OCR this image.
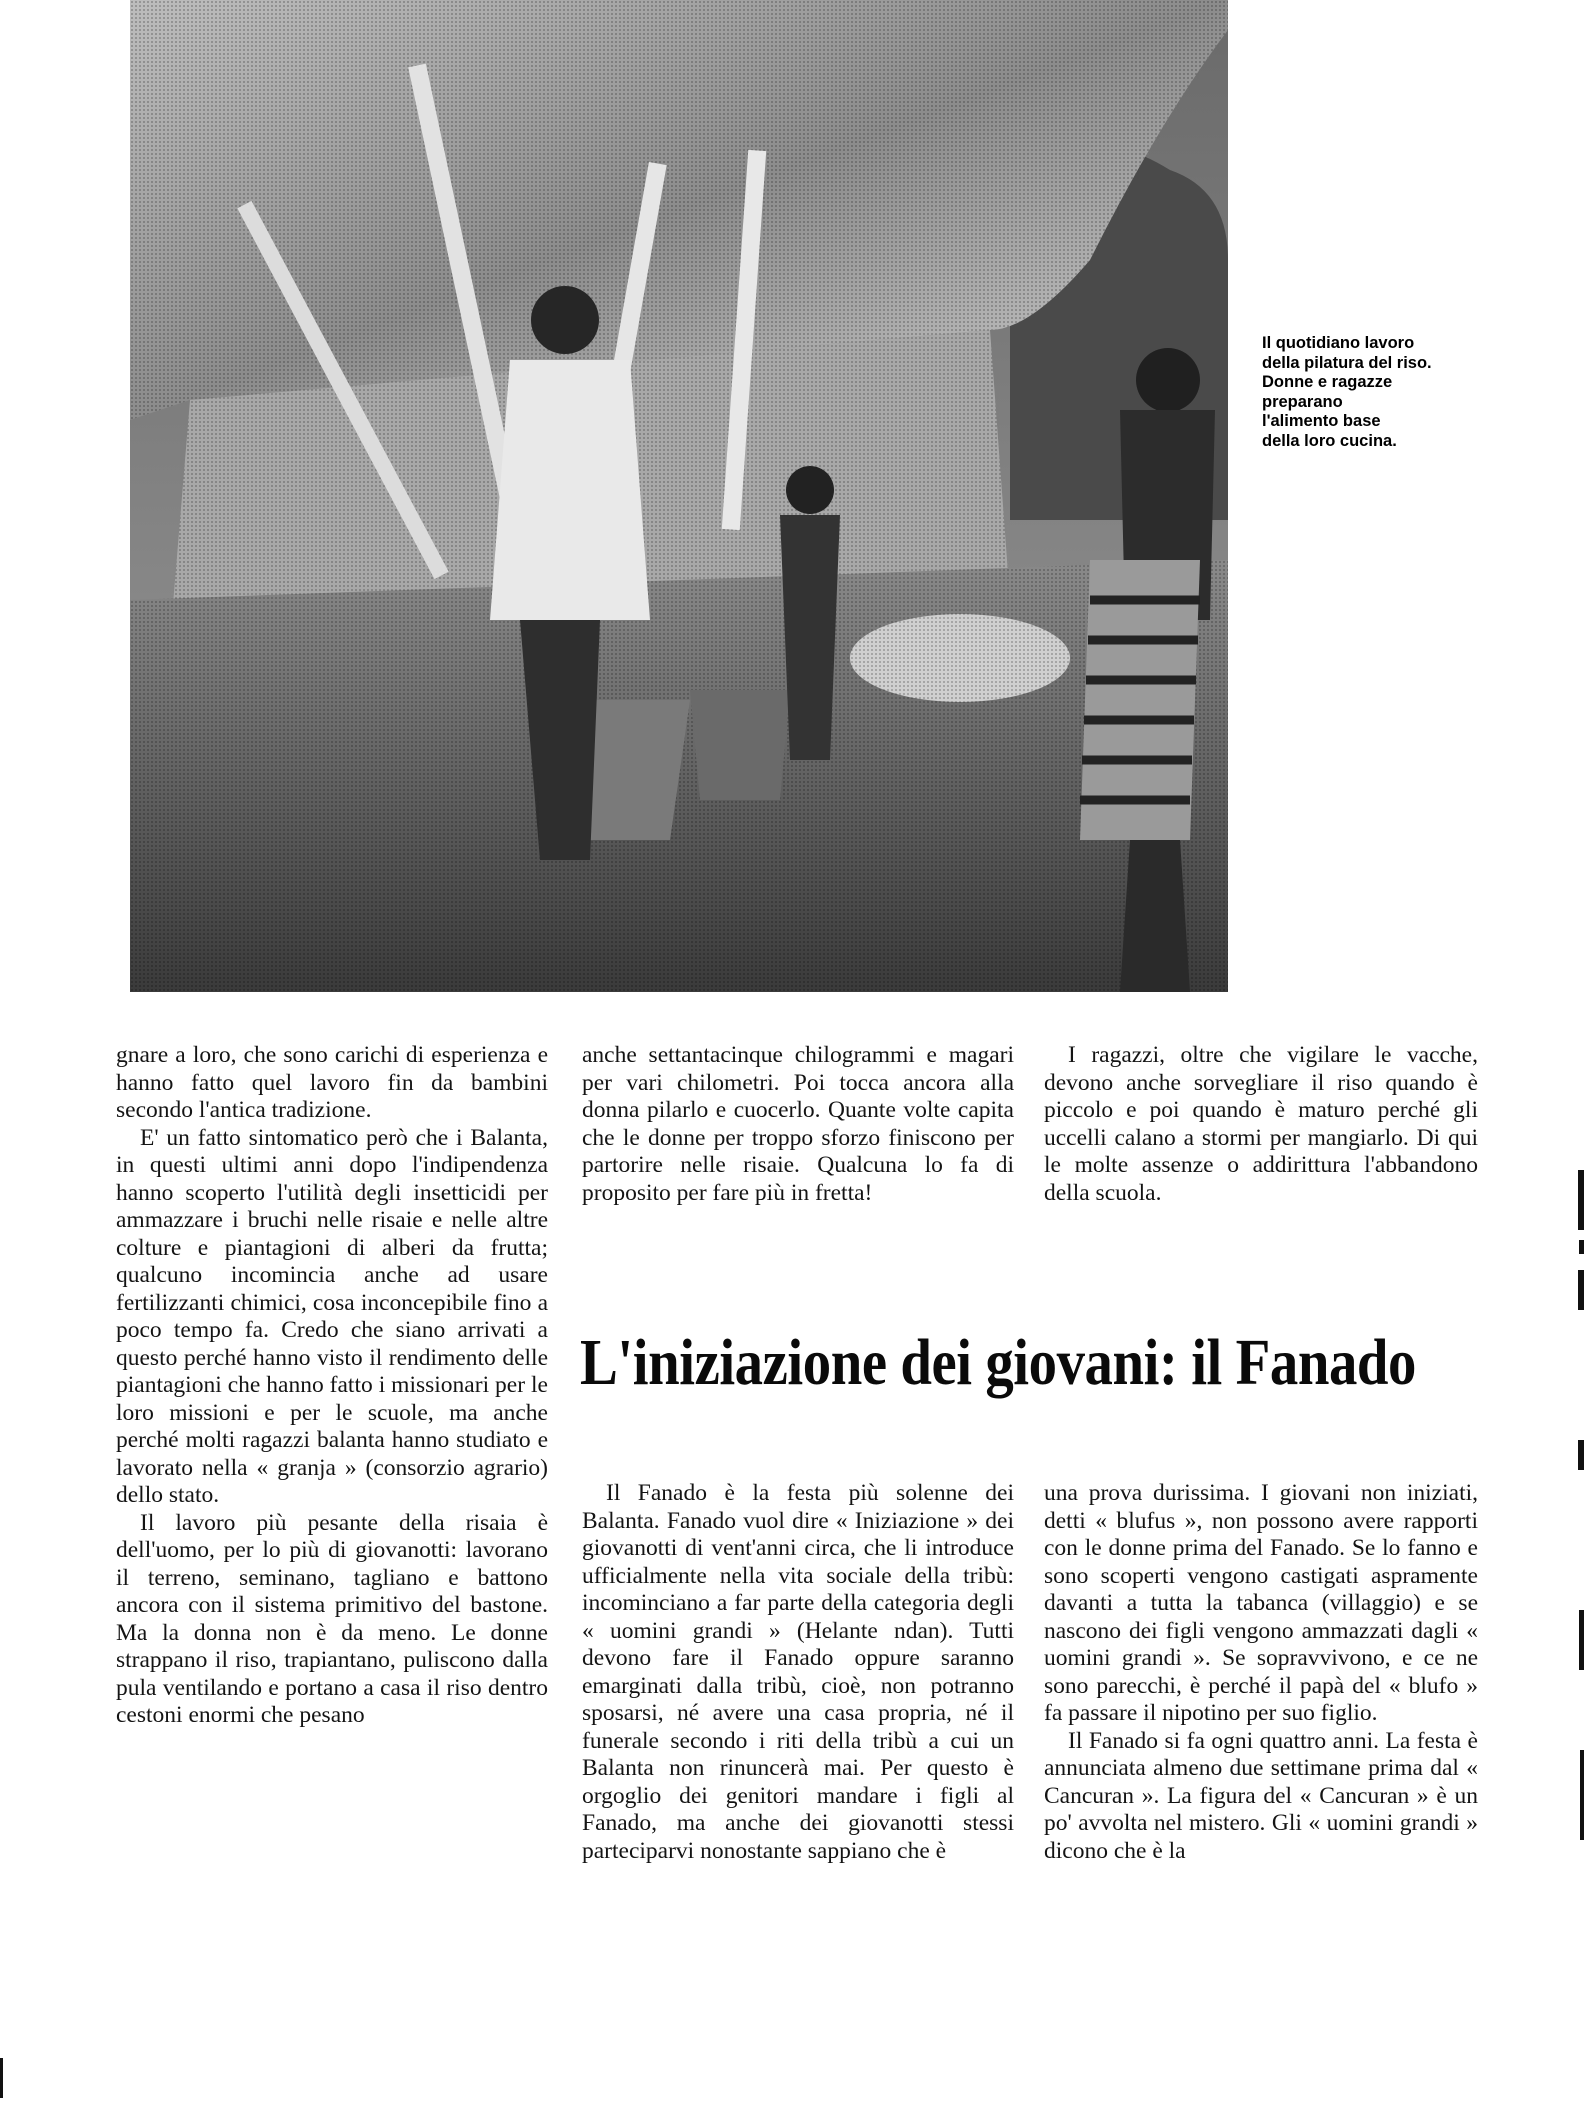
Il quotidiano lavoro

della pilatura del riso.

Donne e ragazze

preparano

l'alimento base

della loro cucina.

gnare a loro, che sono carichi di esperienza e hanno fatto quel lavoro fin da bambini secondo l'antica tradizione.

E' un fatto sintomatico però che i Balanta, in questi ultimi anni dopo l'indipendenza hanno scoperto l'utilità degli insetticidi per ammazzare i bruchi nelle risaie e nelle altre colture e piantagioni di alberi da frutta; qualcuno incomincia anche ad usare fertilizzanti chimici, cosa inconcepibile fino a poco tempo fa. Credo che siano arrivati a questo perché hanno visto il rendimento delle piantagioni che hanno fatto i missionari per le loro missioni e per le scuole, ma anche perché molti ragazzi balanta hanno studiato e lavorato nella « granja » (consorzio agrario) dello stato.

Il lavoro più pesante della risaia è dell'uomo, per lo più di giovanotti: lavorano il terreno, seminano, tagliano e battono ancora con il sistema primitivo del bastone. Ma la donna non è da meno. Le donne strappano il riso, trapiantano, puliscono dalla pula ventilando e portano a casa il riso dentro cestoni enormi che pesano

anche settantacinque chilogrammi e magari per vari chilometri. Poi tocca ancora alla donna pilarlo e cuocerlo. Quante volte capita che le donne per troppo sforzo finiscono per partorire nelle risaie. Qualcuna lo fa di proposito per fare più in fretta!

I ragazzi, oltre che vigilare le vacche, devono anche sorvegliare il riso quando è piccolo e poi quando è maturo perché gli uccelli calano a stormi per mangiarlo. Di qui le molte assenze o addirittura l'abbandono della scuola.

L'iniziazione dei giovani: il Fanado

Il Fanado è la festa più solenne dei Balanta. Fanado vuol dire « Iniziazione » dei giovanotti di vent'anni circa, che li introduce ufficialmente nella vita sociale della tribù: incominciano a far parte della categoria degli « uomini grandi » (Helante ndan). Tutti devono fare il Fanado oppure saranno emarginati dalla tribù, cioè, non potranno sposarsi, né avere una casa propria, né il funerale secondo i riti della tribù a cui un Balanta non rinuncerà mai. Per questo è orgoglio dei genitori mandare i figli al Fanado, ma anche dei giovanotti stessi parteciparvi nonostante sappiano che è

una prova durissima. I giovani non iniziati, detti « blufus », non possono avere rapporti con le donne prima del Fanado. Se lo fanno e sono scoperti vengono castigati aspramente davanti a tutta la tabanca (villaggio) e se nascono dei figli vengono ammazzati dagli « uomini grandi ». Se sopravvivono, e ce ne sono parecchi, è perché il papà del « blufo » fa passare il nipotino per suo figlio.

Il Fanado si fa ogni quattro anni. La festa è annunciata almeno due settimane prima dal « Cancuran ». La figura del « Cancuran » è un po' avvolta nel mistero. Gli « uomini grandi » dicono che è la
